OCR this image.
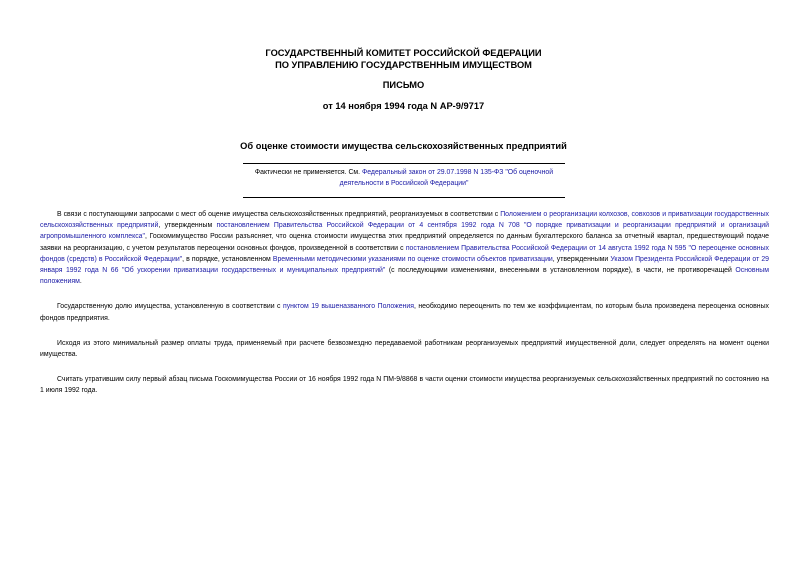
ГОСУДАРСТВЕННЫЙ КОМИТЕТ РОССИЙСКОЙ ФЕДЕРАЦИИ
ПО УПРАВЛЕНИЮ ГОСУДАРСТВЕННЫМ ИМУЩЕСТВОМ
ПИСЬМО
от 14 ноября 1994 года N АР-9/9717
Об оценке стоимости имущества сельскохозяйственных предприятий
Фактически не применяется. См. Федеральный закон от 29.07.1998 N 135-ФЗ "Об оценочной деятельности в Российской Федерации"

В связи с поступающими запросами с мест об оценке имущества сельскохозяйственных предприятий, реорганизуемых в соответствии с Положением о реорганизации колхозов, совхозов и приватизации государственных сельскохозяйственных предприятий, утвержденным постановлением Правительства Российской Федерации от 4 сентября 1992 года N 708 "О порядке приватизации и реорганизации предприятий и организаций агропромышленного комплекса", Госкомимущество России разъясняет, что оценка стоимости имущества этих предприятий определяется по данным бухгалтерского баланса за отчетный квартал, предшествующий подаче заявки на реорганизацию, с учетом результатов переоценки основных фондов, произведенной в соответствии с постановлением Правительства Российской Федерации от 14 августа 1992 года N 595 "О переоценке основных фондов (средств) в Российской Федерации", в порядке, установленном Временными методическими указаниями по оценке стоимости объектов приватизации, утвержденными Указом Президента Российской Федерации от 29 января 1992 года N 66 "Об ускорении приватизации государственных и муниципальных предприятий" (с последующими изменениями, внесенными в установленном порядке), в части, не противоречащей Основным положениям.

Государственную долю имущества, установленную в соответствии с пунктом 19 вышеназванного Положения, необходимо переоценить по тем же коэффициентам, по которым была произведена переоценка основных фондов предприятия.

Исходя из этого минимальный размер оплаты труда, применяемый при расчете безвозмездно передаваемой работникам реорганизуемых предприятий имущественной доли, следует определять на момент оценки имущества.

Считать утратившим силу первый абзац письма Госкомимущества России от 16 ноября 1992 года N ПМ-9/8868 в части оценки стоимости имущества реорганизуемых сельскохозяйственных предприятий по состоянию на 1 июля 1992 года.
